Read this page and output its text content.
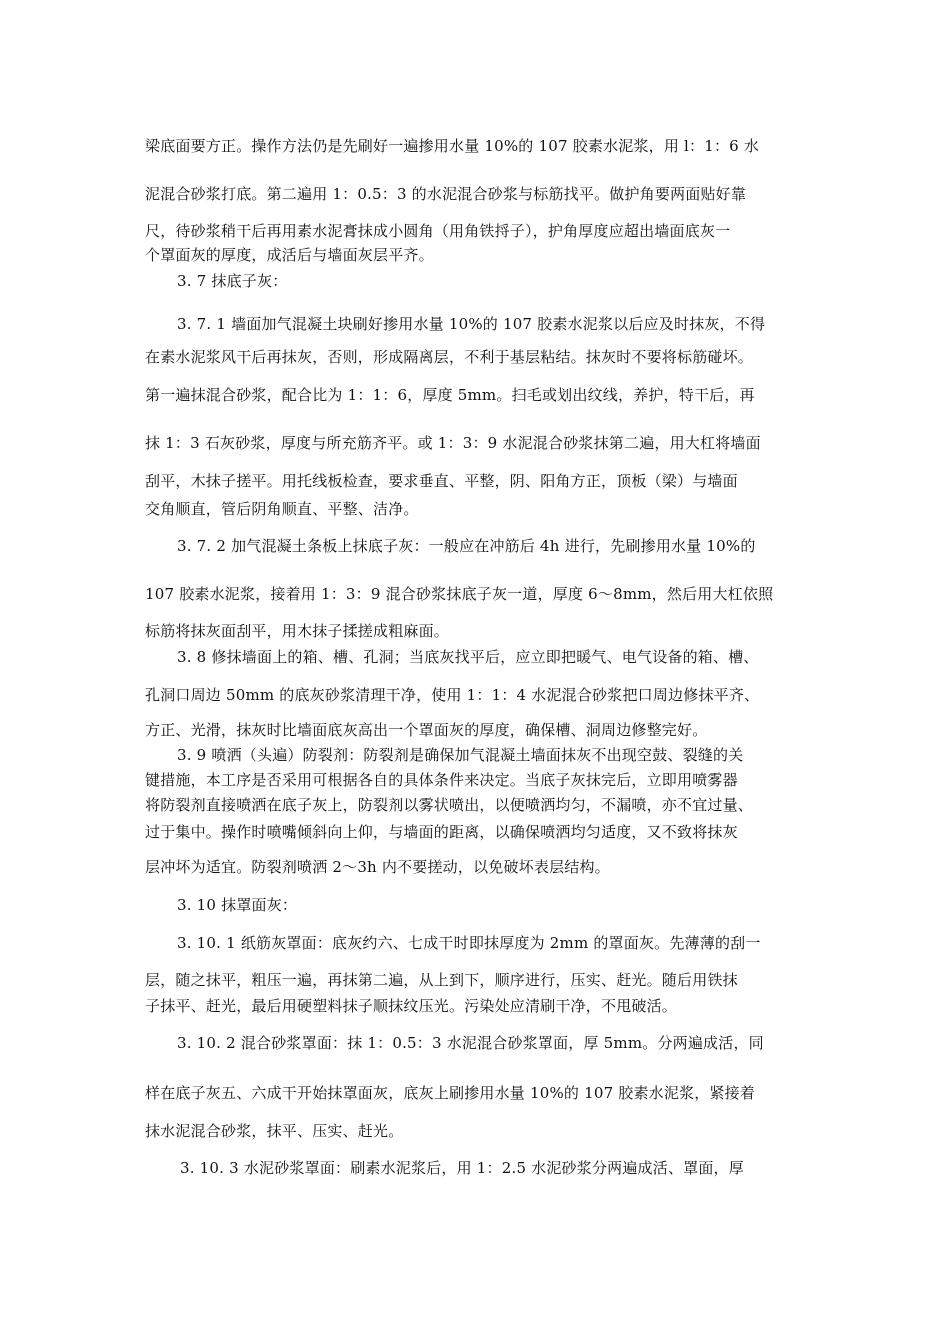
梁底面要方正。操作方法仍是先刷好一遍掺用水量 10%的 107 胶素水泥浆，用 l：1：6 水
泥混合砂浆打底。第二遍用 1：0.5：3 的水泥混合砂浆与标筋找平。做护角要两面贴好靠
尺，待砂浆稍干后再用素水泥膏抹成小圆角（用角铁捋子），护角厚度应超出墙面底灰一
个罩面灰的厚度，成活后与墙面灰层平齐。
3. 7 抹底子灰：
3. 7. 1 墙面加气混凝土块刷好掺用水量 10%的 107 胶素水泥浆以后应及时抹灰，不得
在素水泥浆风干后再抹灰，否则，形成隔离层，不利于基层粘结。抹灰时不要将标筋碰坏。
第一遍抹混合砂浆，配合比为 1：1：6，厚度 5mm。扫毛或划出纹线，养护，特干后，再
抹 1：3 石灰砂浆，厚度与所充筋齐平。或 1：3：9 水泥混合砂浆抹第二遍，用大杠将墙面
刮平，木抹子搓平。用托线板检查，要求垂直、平整，阴、阳角方正，顶板（梁）与墙面
交角顺直，管后阴角顺直、平整、洁净。
3. 7. 2 加气混凝土条板上抹底子灰：一般应在冲筋后 4h 进行，先刷掺用水量 10%的
107 胶素水泥浆，接着用 1：3：9 混合砂浆抹底子灰一道，厚度 6～8mm，然后用大杠依照
标筋将抹灰面刮平，用木抹子揉搓成粗麻面。
3. 8 修抹墙面上的箱、槽、孔洞；当底灰找平后，应立即把暖气、电气设备的箱、槽、
孔洞口周边 50mm 的底灰砂浆清理干净，使用 1：1：4 水泥混合砂浆把口周边修抹平齐、
方正、光滑，抹灰时比墙面底灰高出一个罩面灰的厚度，确保槽、洞周边修整完好。
3. 9 喷洒（头遍）防裂剂：防裂剂是确保加气混凝土墙面抹灰不出现空鼓、裂缝的关
键措施，本工序是否采用可根据各自的具体条件来决定。当底子灰抹完后，立即用喷雾器
将防裂剂直接喷洒在底子灰上，防裂剂以雾状喷出，以便喷洒均匀，不漏喷，亦不宜过量、
过于集中。操作时喷嘴倾斜向上仰，与墙面的距离，以确保喷洒均匀适度，又不致将抹灰
层冲坏为适宜。防裂剂喷洒 2～3h 内不要搓动，以免破坏表层结构。
3. 10 抹罩面灰：
3. 10. 1 纸筋灰罩面：底灰约六、七成干时即抹厚度为 2mm 的罩面灰。先薄薄的刮一
层，随之抹平，粗压一遍，再抹第二遍，从上到下，顺序进行，压实、赶光。随后用铁抹
子抹平、赶光，最后用硬塑料抹子顺抹纹压光。污染处应清刷干净，不甩破活。
3. 10. 2 混合砂浆罩面：抹 1：0.5：3 水泥混合砂浆罩面，厚 5mm。分两遍成活，同
样在底子灰五、六成干开始抹罩面灰，底灰上刷掺用水量 10%的 107 胶素水泥浆，紧接着
抹水泥混合砂浆，抹平、压实、赶光。
3. 10. 3 水泥砂浆罩面：刷素水泥浆后，用 1：2.5 水泥砂浆分两遍成活、罩面，厚
